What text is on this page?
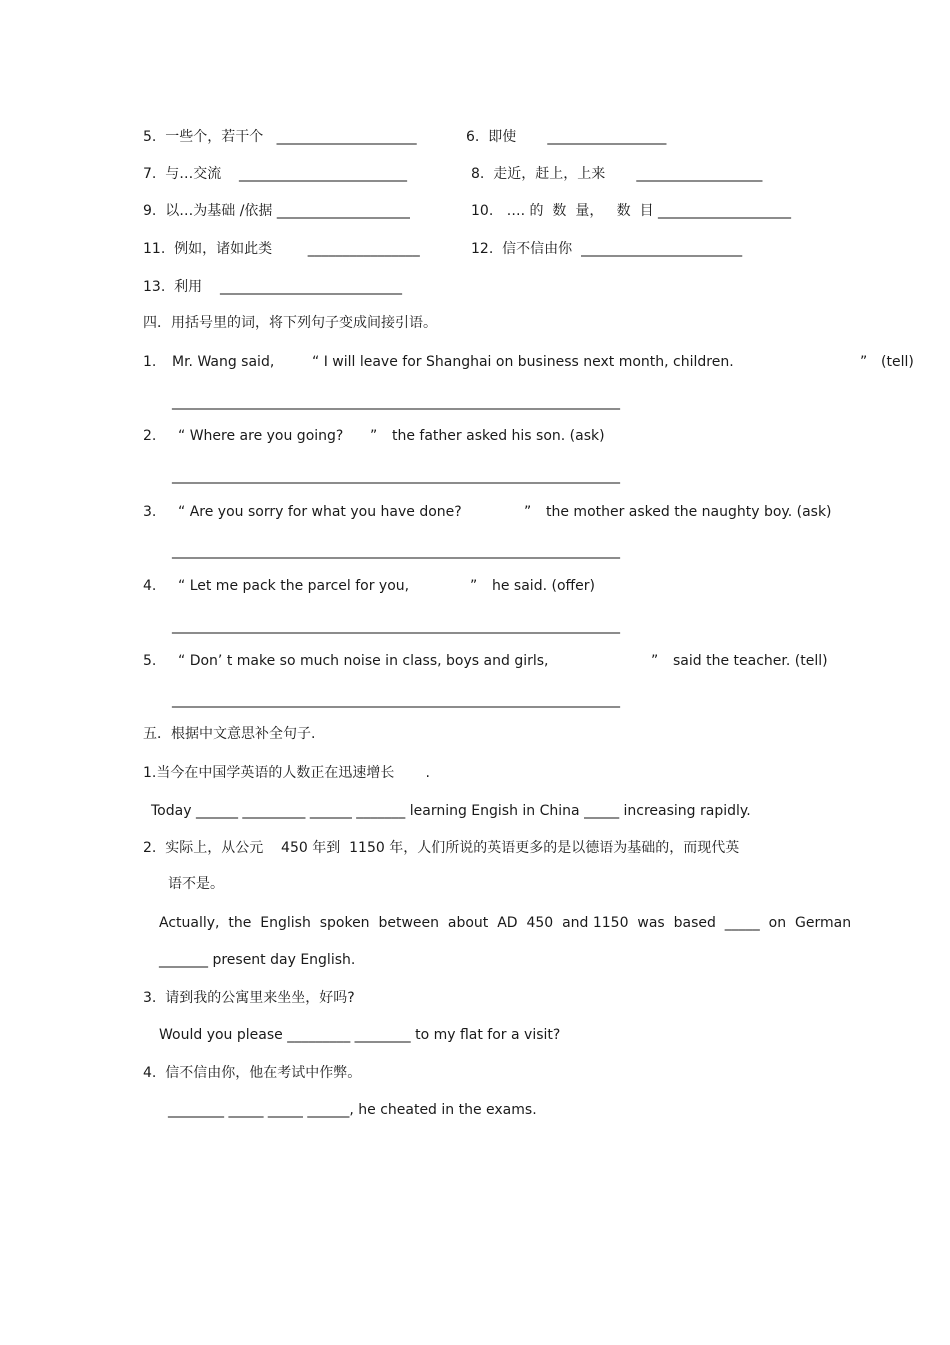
5.  一些个，若干个   ____________________	6.  即使       _________________
7.  与…交流    ________________________	8.  走近，赶上，上来       __________________
9.  以…为基础 /依据 ___________________	10.   …. 的  数  量，   数  目 ___________________
11.  例如，诸如此类        ________________	12.  信不信由你  _______________________
13.  利用    __________________________
四．用括号里的词，将下列句子变成间接引语。
1. Mr. Wang said,	“ I will leave for Shanghai on business next month, children.	” (tell)
________________________________________________________________
2. “ Where are you going? ” the father asked his son. (ask)
________________________________________________________________
3. “ Are you sorry for what you have done?	” the mother asked the naughty boy. (ask)
________________________________________________________________
4. “ Let me pack the parcel for you,	” he said. (offer)
________________________________________________________________
5. “ Don’ t make so much noise in class, boys and girls,	” said the teacher. (tell)
________________________________________________________________
五．根据中文意思补全句子.
1.当今在中国学英语的人数正在迅速增长       .
Today ______ _________ ______ _______ learning Engish in China _____ increasing rapidly.
2.  实际上，从公元    450 年到  1150 年，人们所说的英语更多的是以德语为基础的，而现代英
语不是。
Actually,  the  English  spoken  between  about  AD  450  and 1150  was  based  _____  on  German
_______ present day English.
3.  请到我的公寓里来坐坐，好吗?
Would you please _________ ________ to my flat for a visit?
4.  信不信由你，他在考试中作弊。
________ _____ _____ ______, he cheated in the exams.
